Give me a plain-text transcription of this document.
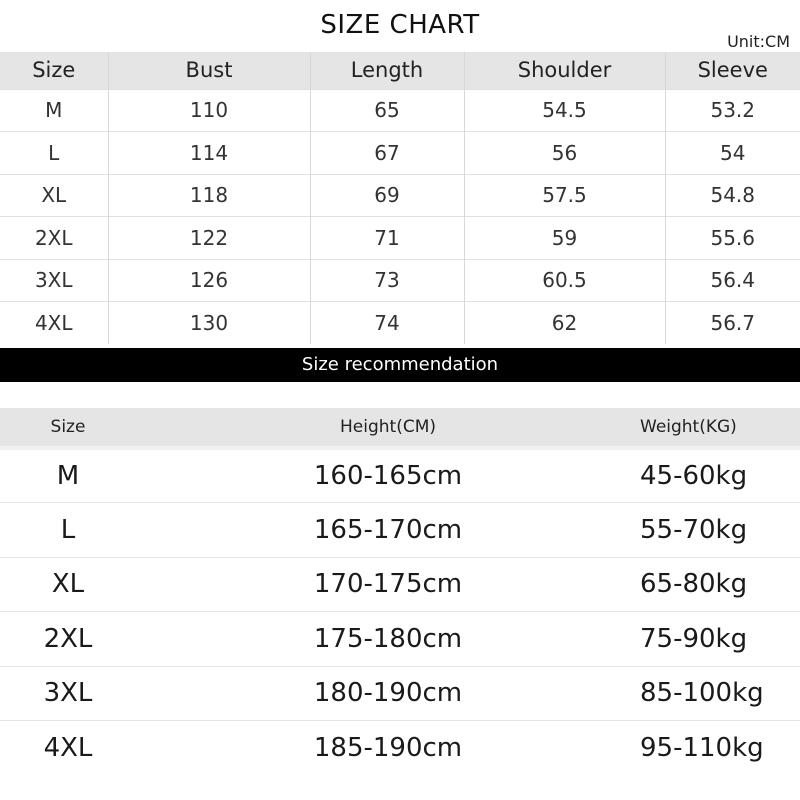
SIZE CHART
Unit:CM
Size	Bust	Length	Shoulder	Sleeve
M	110	65	54.5	53.2
L	114	67	56	54
XL	118	69	57.5	54.8
2XL	122	71	59	55.6
3XL	126	73	60.5	56.4
4XL	130	74	62	56.7
Size recommendation
Size	Height(CM)	Weight(KG)
M	160-165cm	45-60kg
L	165-170cm	55-70kg
XL	170-175cm	65-80kg
2XL	175-180cm	75-90kg
3XL	180-190cm	85-100kg
4XL	185-190cm	95-110kg
